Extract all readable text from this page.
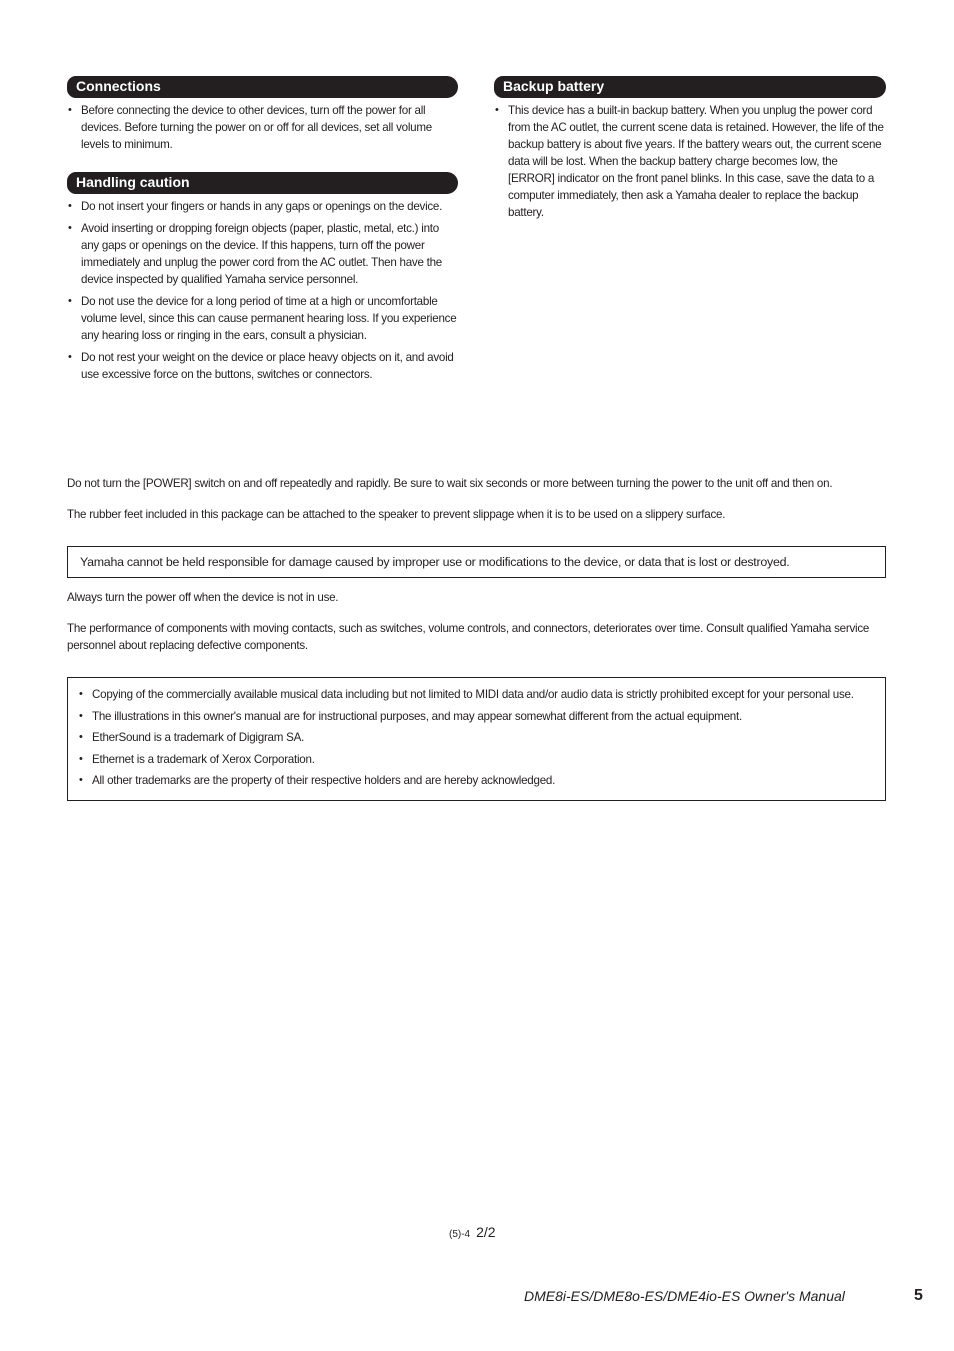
Connections
• Before connecting the device to other devices, turn off the power for all devices. Before turning the power on or off for all devices, set all volume levels to minimum.
Handling caution
• Do not insert your fingers or hands in any gaps or openings on the device.
• Avoid inserting or dropping foreign objects (paper, plastic, metal, etc.) into any gaps or openings on the device. If this happens, turn off the power immediately and unplug the power cord from the AC outlet. Then have the device inspected by qualified Yamaha service personnel.
• Do not use the device for a long period of time at a high or uncomfortable volume level, since this can cause permanent hearing loss. If you experience any hearing loss or ringing in the ears, consult a physician.
• Do not rest your weight on the device or place heavy objects on it, and avoid use excessive force on the buttons, switches or connectors.
Backup battery
• This device has a built-in backup battery. When you unplug the power cord from the AC outlet, the current scene data is retained. However, the life of the backup battery is about five years. If the battery wears out, the current scene data will be lost. When the backup battery charge becomes low, the [ERROR] indicator on the front panel blinks. In this case, save the data to a computer immediately, then ask a Yamaha dealer to replace the backup battery.
Do not turn the [POWER] switch on and off repeatedly and rapidly. Be sure to wait six seconds or more between turning the power to the unit off and then on.
The rubber feet included in this package can be attached to the speaker to prevent slippage when it is to be used on a slippery surface.
Yamaha cannot be held responsible for damage caused by improper use or modifications to the device, or data that is lost or destroyed.
Always turn the power off when the device is not in use.
The performance of components with moving contacts, such as switches, volume controls, and connectors, deteriorates over time. Consult qualified Yamaha service personnel about replacing defective components.
• Copying of the commercially available musical data including but not limited to MIDI data and/or audio data is strictly prohibited except for your personal use.
• The illustrations in this owner's manual are for instructional purposes, and may appear somewhat different from the actual equipment.
• EtherSound is a trademark of Digigram SA.
• Ethernet is a trademark of Xerox Corporation.
• All other trademarks are the property of their respective holders and are hereby acknowledged.
(5)-4 2/2
DME8i-ES/DME8o-ES/DME4io-ES Owner's Manual	5
